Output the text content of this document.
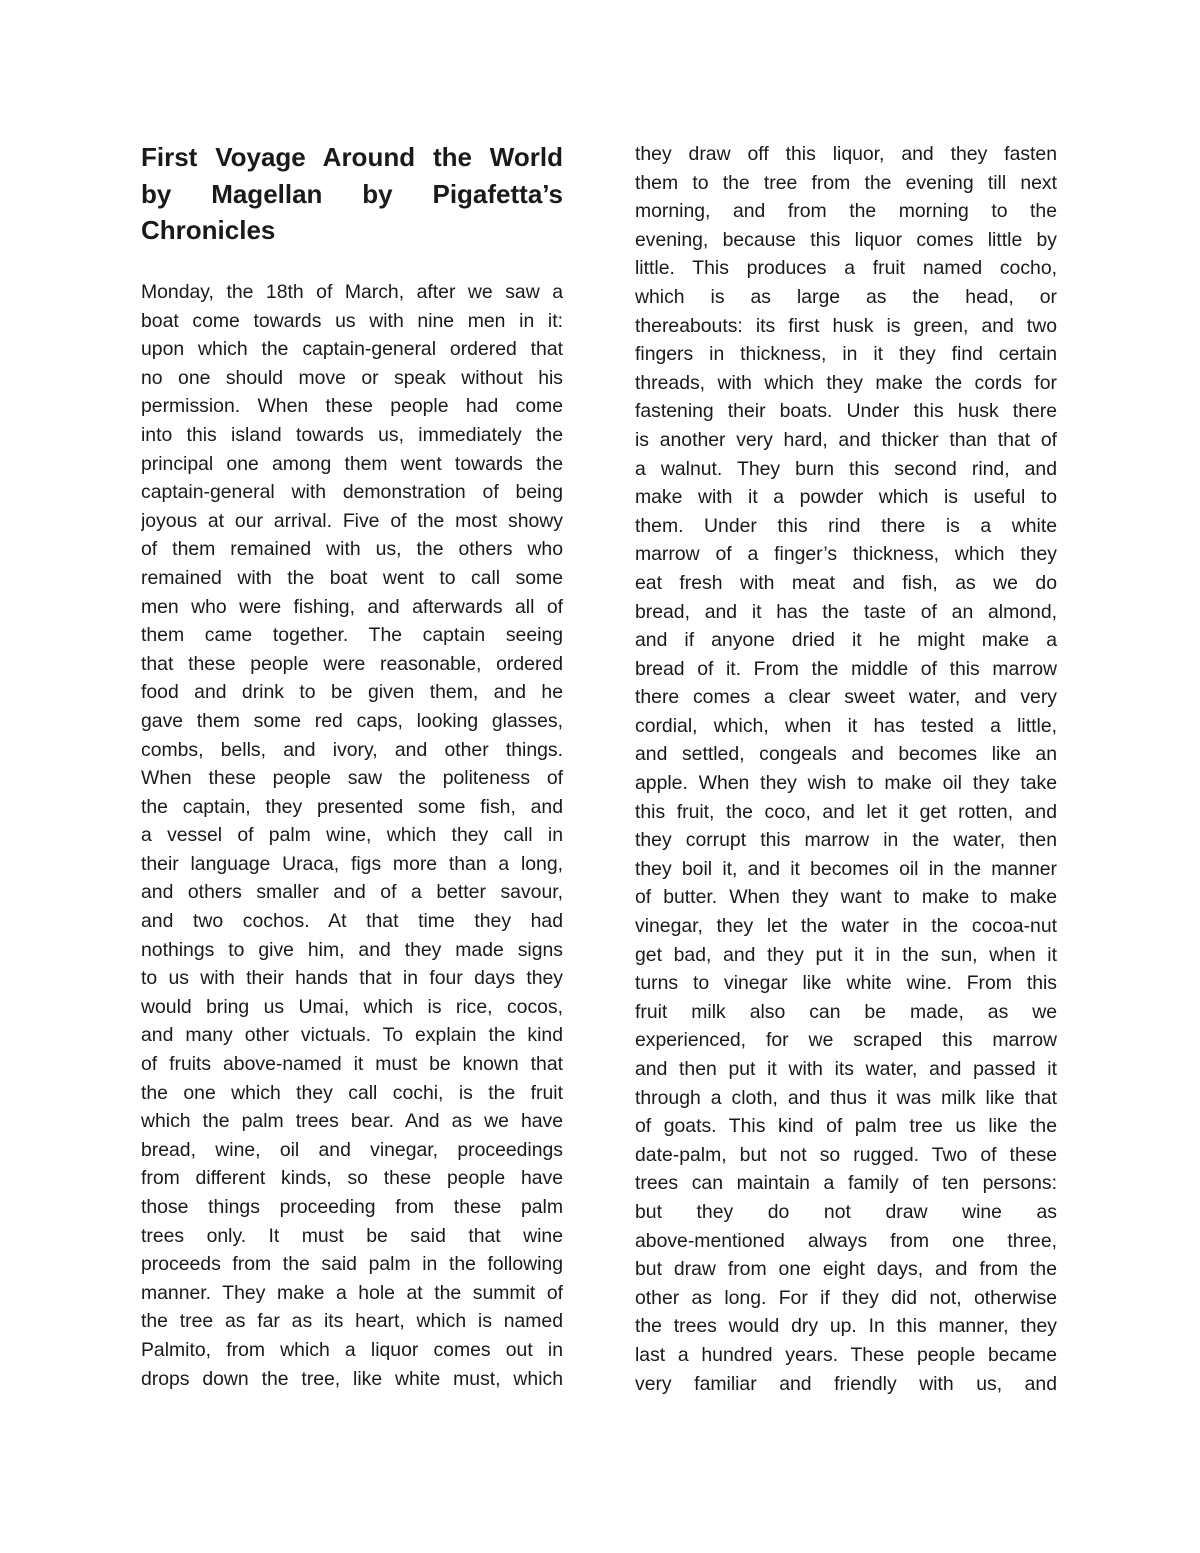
First Voyage Around the World
by Magellan by Pigafetta’s
Chronicles
Monday, the 18th of March, after we saw a
boat come towards us with nine men in it:
upon which the captain-general ordered that
no one should move or speak without his
permission. When these people had come
into this island towards us, immediately the
principal one among them went towards the
captain-general with demonstration of being
joyous at our arrival. Five of the most showy
of them remained with us, the others who
remained with the boat went to call some
men who were fishing, and afterwards all of
them came together. The captain seeing
that these people were reasonable, ordered
food and drink to be given them, and he
gave them some red caps, looking glasses,
combs, bells, and ivory, and other things.
When these people saw the politeness of
the captain, they presented some fish, and
a vessel of palm wine, which they call in
their language Uraca, figs more than a long,
and others smaller and of a better savour,
and two cochos. At that time they had
nothings to give him, and they made signs
to us with their hands that in four days they
would bring us Umai, which is rice, cocos,
and many other victuals. To explain the kind
of fruits above-named it must be known that
the one which they call cochi, is the fruit
which the palm trees bear. And as we have
bread, wine, oil and vinegar, proceedings
from different kinds, so these people have
those things proceeding from these palm
trees only. It must be said that wine
proceeds from the said palm in the following
manner. They make a hole at the summit of
the tree as far as its heart, which is named
Palmito, from which a liquor comes out in
drops down the tree, like white must, which
they draw off this liquor, and they fasten
them to the tree from the evening till next
morning, and from the morning to the
evening, because this liquor comes little by
little. This produces a fruit named cocho,
which is as large as the head, or
thereabouts: its first husk is green, and two
fingers in thickness, in it they find certain
threads, with which they make the cords for
fastening their boats. Under this husk there
is another very hard, and thicker than that of
a walnut. They burn this second rind, and
make with it a powder which is useful to
them. Under this rind there is a white
marrow of a finger’s thickness, which they
eat fresh with meat and fish, as we do
bread, and it has the taste of an almond,
and if anyone dried it he might make a
bread of it. From the middle of this marrow
there comes a clear sweet water, and very
cordial, which, when it has tested a little,
and settled, congeals and becomes like an
apple. When they wish to make oil they take
this fruit, the coco, and let it get rotten, and
they corrupt this marrow in the water, then
they boil it, and it becomes oil in the manner
of butter. When they want to make to make
vinegar, they let the water in the cocoa-nut
get bad, and they put it in the sun, when it
turns to vinegar like white wine. From this
fruit milk also can be made, as we
experienced, for we scraped this marrow
and then put it with its water, and passed it
through a cloth, and thus it was milk like that
of goats. This kind of palm tree us like the
date-palm, but not so rugged. Two of these
trees can maintain a family of ten persons:
but they do not draw wine as
above-mentioned always from one three,
but draw from one eight days, and from the
other as long. For if they did not, otherwise
the trees would dry up. In this manner, they
last a hundred years. These people became
very familiar and friendly with us, and
